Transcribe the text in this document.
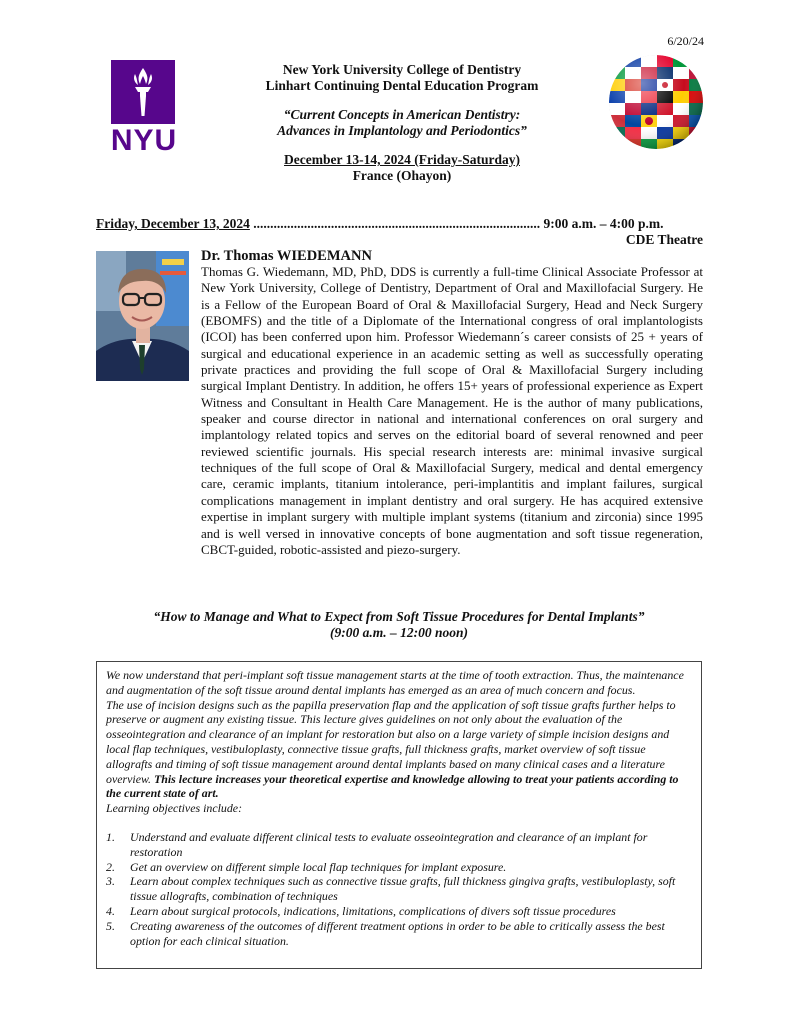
6/20/24
NYU
New York University College of Dentistry
Linhart Continuing Dental Education Program
“Current Concepts in American Dentistry:
Advances in Implantology and Periodontics”
December 13-14, 2024 (Friday-Saturday)
France (Ohayon)
Friday, December 13, 2024 ..................................................................................... 9:00 a.m. – 4:00 p.m.
CDE Theatre
Dr. Thomas WIEDEMANN
Thomas G. Wiedemann, MD, PhD, DDS is currently a full-time Clinical Associate Professor at New York University, College of Dentistry, Department of Oral and Maxillofacial Surgery. He is a Fellow of the European Board of Oral & Maxillofacial Surgery, Head and Neck Surgery (EBOMFS) and the title of a Diplomate of the International congress of oral implantologists (ICOI) has been conferred upon him. Professor Wiedemann´s career consists of 25 + years of surgical and educational experience in an academic setting as well as successfully operating private practices and providing the full scope of Oral & Maxillofacial Surgery including surgical Implant Dentistry. In addition, he offers 15+ years of professional experience as Expert Witness and Consultant in Health Care Management. He is the author of many publications, speaker and course director in national and international conferences on oral surgery and implantology related topics and serves on the editorial board of several renowned and peer reviewed scientific journals. His special research interests are: minimal invasive surgical techniques of the full scope of Oral & Maxillofacial Surgery, medical and dental emergency care, ceramic implants, titanium intolerance, peri-implantitis and implant failures, surgical complications management in implant dentistry and oral surgery. He has acquired extensive expertise in implant surgery with multiple implant systems (titanium and zirconia) since 1995 and is well versed in innovative concepts of bone augmentation and soft tissue regeneration, CBCT-guided, robotic-assisted and piezo-surgery.
“How to Manage and What to Expect from Soft Tissue Procedures for Dental Implants”
(9:00 a.m. – 12:00 noon)

We now understand that peri-implant soft tissue management starts at the time of tooth extraction. Thus, the maintenance and augmentation of the soft tissue around dental implants has emerged as an area of much concern and focus.

The use of incision designs such as the papilla preservation flap and the application of soft tissue grafts further helps to preserve or augment any existing tissue. This lecture gives guidelines on not only about the evaluation of the osseointegration and clearance of an implant for restoration but also on a large variety of simple incision designs and local flap techniques, vestibuloplasty, connective tissue grafts, full thickness grafts, market overview of soft tissue allografts and timing of soft tissue management around dental implants based on many clinical cases and a literature overview. This lecture increases your theoretical expertise and knowledge allowing to treat your patients according to the current state of art.

Learning objectives include:

1. Understand and evaluate different clinical tests to evaluate osseointegration and clearance of an implant for restoration
2. Get an overview on different simple local flap techniques for implant exposure.
3. Learn about complex techniques such as connective tissue grafts, full thickness gingiva grafts, vestibuloplasty, soft tissue allografts, combination of techniques
4. Learn about surgical protocols, indications, limitations, complications of divers soft tissue procedures
5. Creating awareness of the outcomes of different treatment options in order to be able to critically assess the best option for each clinical situation.
